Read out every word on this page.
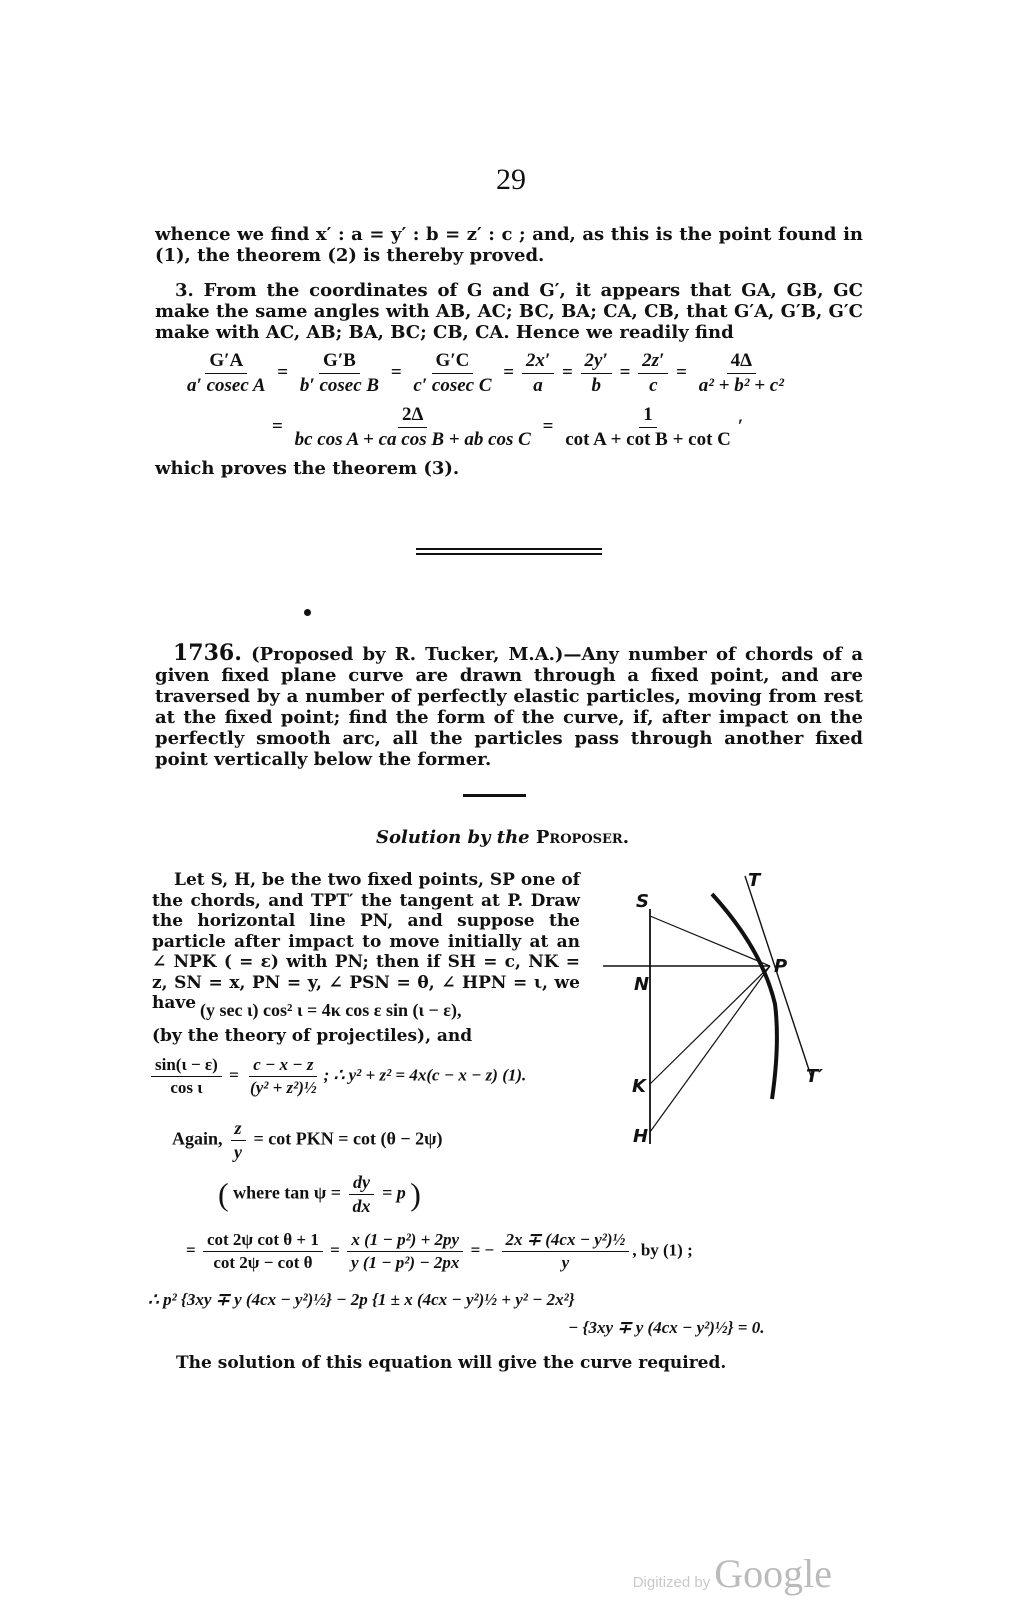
29
whence we find x′ : a = y′ : b = z′ : c ; and, as this is the point found in (1), the theorem (2) is thereby proved.
3. From the coordinates of G and G′, it appears that GA, GB, GC make the same angles with AB, AC; BC, BA; CA, CB, that G′A, G′B, G′C make with AC, AB; BA, BC; CB, CA. Hence we readily find
$\frac{G'A}{\text{a′ cosec A}} = \frac{G'B}{\text{b′ cosec B}} = \frac{G'C}{\text{c′ cosec C}} = \frac{2x'}{a} = \frac{2y'}{b} = \frac{2z'}{c} = \frac{4\Delta}{\text{a² + b² + c²}}$
= $\frac{2\Delta}{\text{bc cos A + ca cos B + ab cos C}} = \frac{1}{\text{cot A + cot B + cot C}}$ ′
which proves the theorem (3).
1736. (Proposed by R. Tucker, M.A.)—Any number of chords of a given fixed plane curve are drawn through a fixed point, and are traversed by a number of perfectly elastic particles, moving from rest at the fixed point; find the form of the curve, if, after impact on the perfectly smooth arc, all the particles pass through another fixed point vertically below the former.
Solution by the Proposer.
Let S, H, be the two fixed points, SP one of the chords, and TPT′ the tangent at P. Draw the horizontal line PN, and suppose the particle after impact to move initially at an ∠ NPK ( = ε) with PN; then if SH = c, NK = z, SN = x, PN = y, ∠ PSN = θ, ∠ HPN = ι, we have (y sec ι) cos² ι = 4κ cos ε sin (ι − ε),
(by the theory of projectiles), and
$\frac{\sin(\iota - \varepsilon)}{\text{cos ι}} = \frac{c - x - z}{\text{(y² + z²)½}}$ ; ∴ y² + z² = 4x(c − x − z) (1).
Again, $\frac{z}{y} = \cot$ PKN = cot (θ − 2ψ)
( where $\tan \psi = \frac{dy}{dx} = p$ )
= $\frac{\text{cot 2ψ cot θ + 1}}{\text{cot 2ψ − cot θ}} = \frac{\text{x (1 − p²) + 2py}}{\text{y (1 − p²) − 2px}}$ = − $\frac{\text{2x ∓ (4cx − y²)½}}{y}$ , by (1) ;
∴ p² {3xy ∓ y (4cx − y²)½} − 2p {1 ± x (4cx − y²)½ + y² − 2x²}
− {3xy ∓ y (4cx − y²)½} = 0.
The solution of this equation will give the curve required.
T
S
P
N
K
H
T′
Digitized by Google
